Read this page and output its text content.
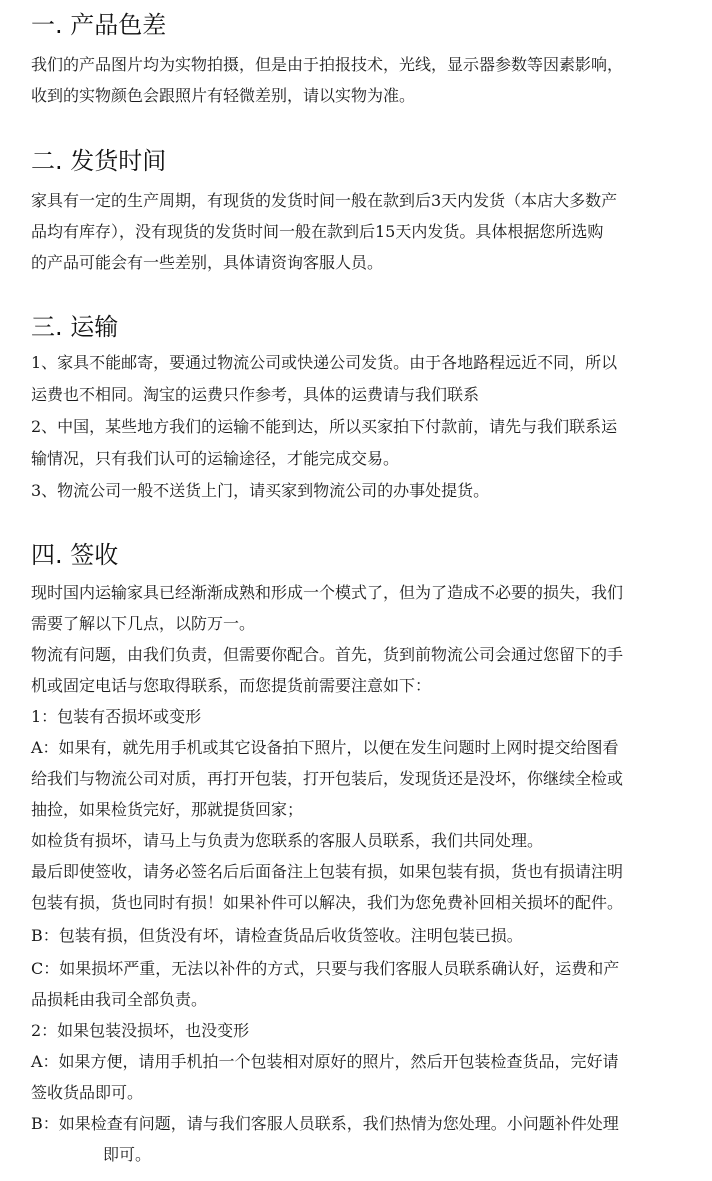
一. 产品色差

我们的产品图片均为实物拍摄，但是由于拍报技术，光线，显示器参数等因素影响，

收到的实物颜色会跟照片有轻微差别，请以实物为准。

二. 发货时间

家具有一定的生产周期，有现货的发货时间一般在款到后3天内发货（本店大多数产

品均有库存），没有现货的发货时间一般在款到后15天内发货。具体根据您所选购

的产品可能会有一些差别，具体请资询客服人员。

三. 运输

1、家具不能邮寄，要通过物流公司或快递公司发货。由于各地路程远近不同，所以

运费也不相同。淘宝的运费只作参考，具体的运费请与我们联系

2、中国，某些地方我们的运输不能到达，所以买家拍下付款前，请先与我们联系运

输情况，只有我们认可的运输途径，才能完成交易。

3、物流公司一般不送货上门，请买家到物流公司的办事处提货。

四. 签收

现时国内运输家具已经渐渐成熟和形成一个模式了，但为了造成不必要的损失，我们

需要了解以下几点，以防万一。

物流有问题，由我们负责，但需要你配合。首先，货到前物流公司会通过您留下的手

机或固定电话与您取得联系，而您提货前需要注意如下：

1：包装有否损坏或变形

A：如果有，就先用手机或其它设备拍下照片，以便在发生问题时上网时提交给图看

给我们与物流公司对质，再打开包装，打开包装后，发现货还是没坏，你继续全检或

抽捡，如果检货完好，那就提货回家；

如检货有损坏，请马上与负责为您联系的客服人员联系，我们共同处理。

最后即使签收，请务必签名后后面备注上包装有损，如果包装有损，货也有损请注明

包装有损，货也同时有损！如果补件可以解决，我们为您免费补回相关损坏的配件。

B：包装有损，但货没有坏，请检查货品后收货签收。注明包装已损。

C：如果损坏严重，无法以补件的方式，只要与我们客服人员联系确认好，运费和产

品损耗由我司全部负责。

2：如果包装没损坏，也没变形

A：如果方便，请用手机拍一个包装相对原好的照片，然后开包装检查货品，完好请

签收货品即可。

B：如果检查有问题，请与我们客服人员联系，我们热情为您处理。小问题补件处理

即可。
